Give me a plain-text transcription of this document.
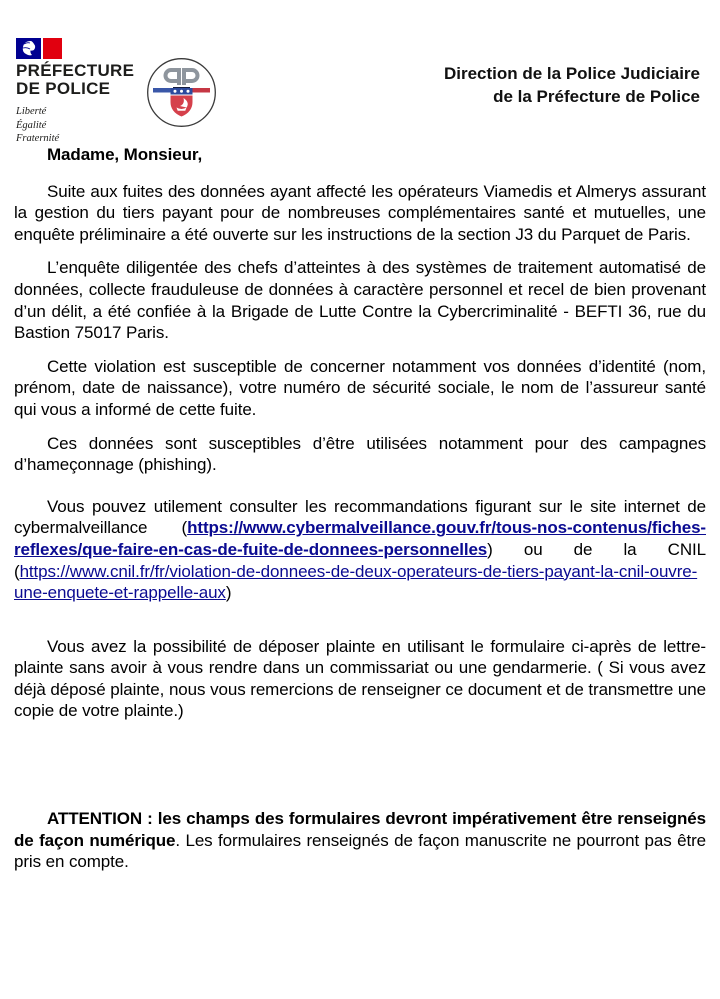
PRÉFECTURE
DE POLICE
Liberté
Égalité
Fraternité
Direction de la Police Judiciaire
de la Préfecture de Police

Madame, Monsieur,

Suite aux fuites des données ayant affecté les opérateurs Viamedis et Almerys assurant la gestion du tiers payant pour de nombreuses complémentaires santé et mutuelles, une enquête préliminaire a été ouverte sur les instructions de la section J3 du Parquet de Paris.

L’enquête diligentée des chefs d’atteintes à des systèmes de traitement automatisé de données, collecte frauduleuse de données à caractère personnel et recel de bien provenant d’un délit, a été confiée à la Brigade de Lutte Contre la Cybercriminalité - BEFTI 36, rue du Bastion 75017 Paris.

Cette violation est susceptible de concerner notamment vos données d’identité (nom, prénom, date de naissance), votre numéro de sécurité sociale, le nom de l’assureur santé qui vous a informé de cette fuite.

Ces données sont susceptibles d’être utilisées notamment pour des campagnes d’hameçonnage (phishing).

Vous pouvez utilement consulter les recommandations figurant sur le site internet de cybermalveillance (https://www.cybermalveillance.gouv.fr/tous-nos-contenus/fiches-reflexes/que-faire-en-cas-de-fuite-de-donnees-personnelles) ou de la CNIL (https://www.cnil.fr/fr/violation-de-donnees-de-deux-operateurs-de-tiers-payant-la-cnil-ouvre-une-enquete-et-rappelle-aux)

Vous avez la possibilité de déposer plainte en utilisant le formulaire ci-après de lettre-plainte sans avoir à vous rendre dans un commissariat ou une gendarmerie. ( Si vous avez déjà déposé plainte, nous vous remercions de renseigner ce document et de transmettre une copie de votre plainte.)

ATTENTION : les champs des formulaires devront impérativement être renseignés de façon numérique. Les formulaires renseignés de façon manuscrite ne pourront pas être pris en compte.
